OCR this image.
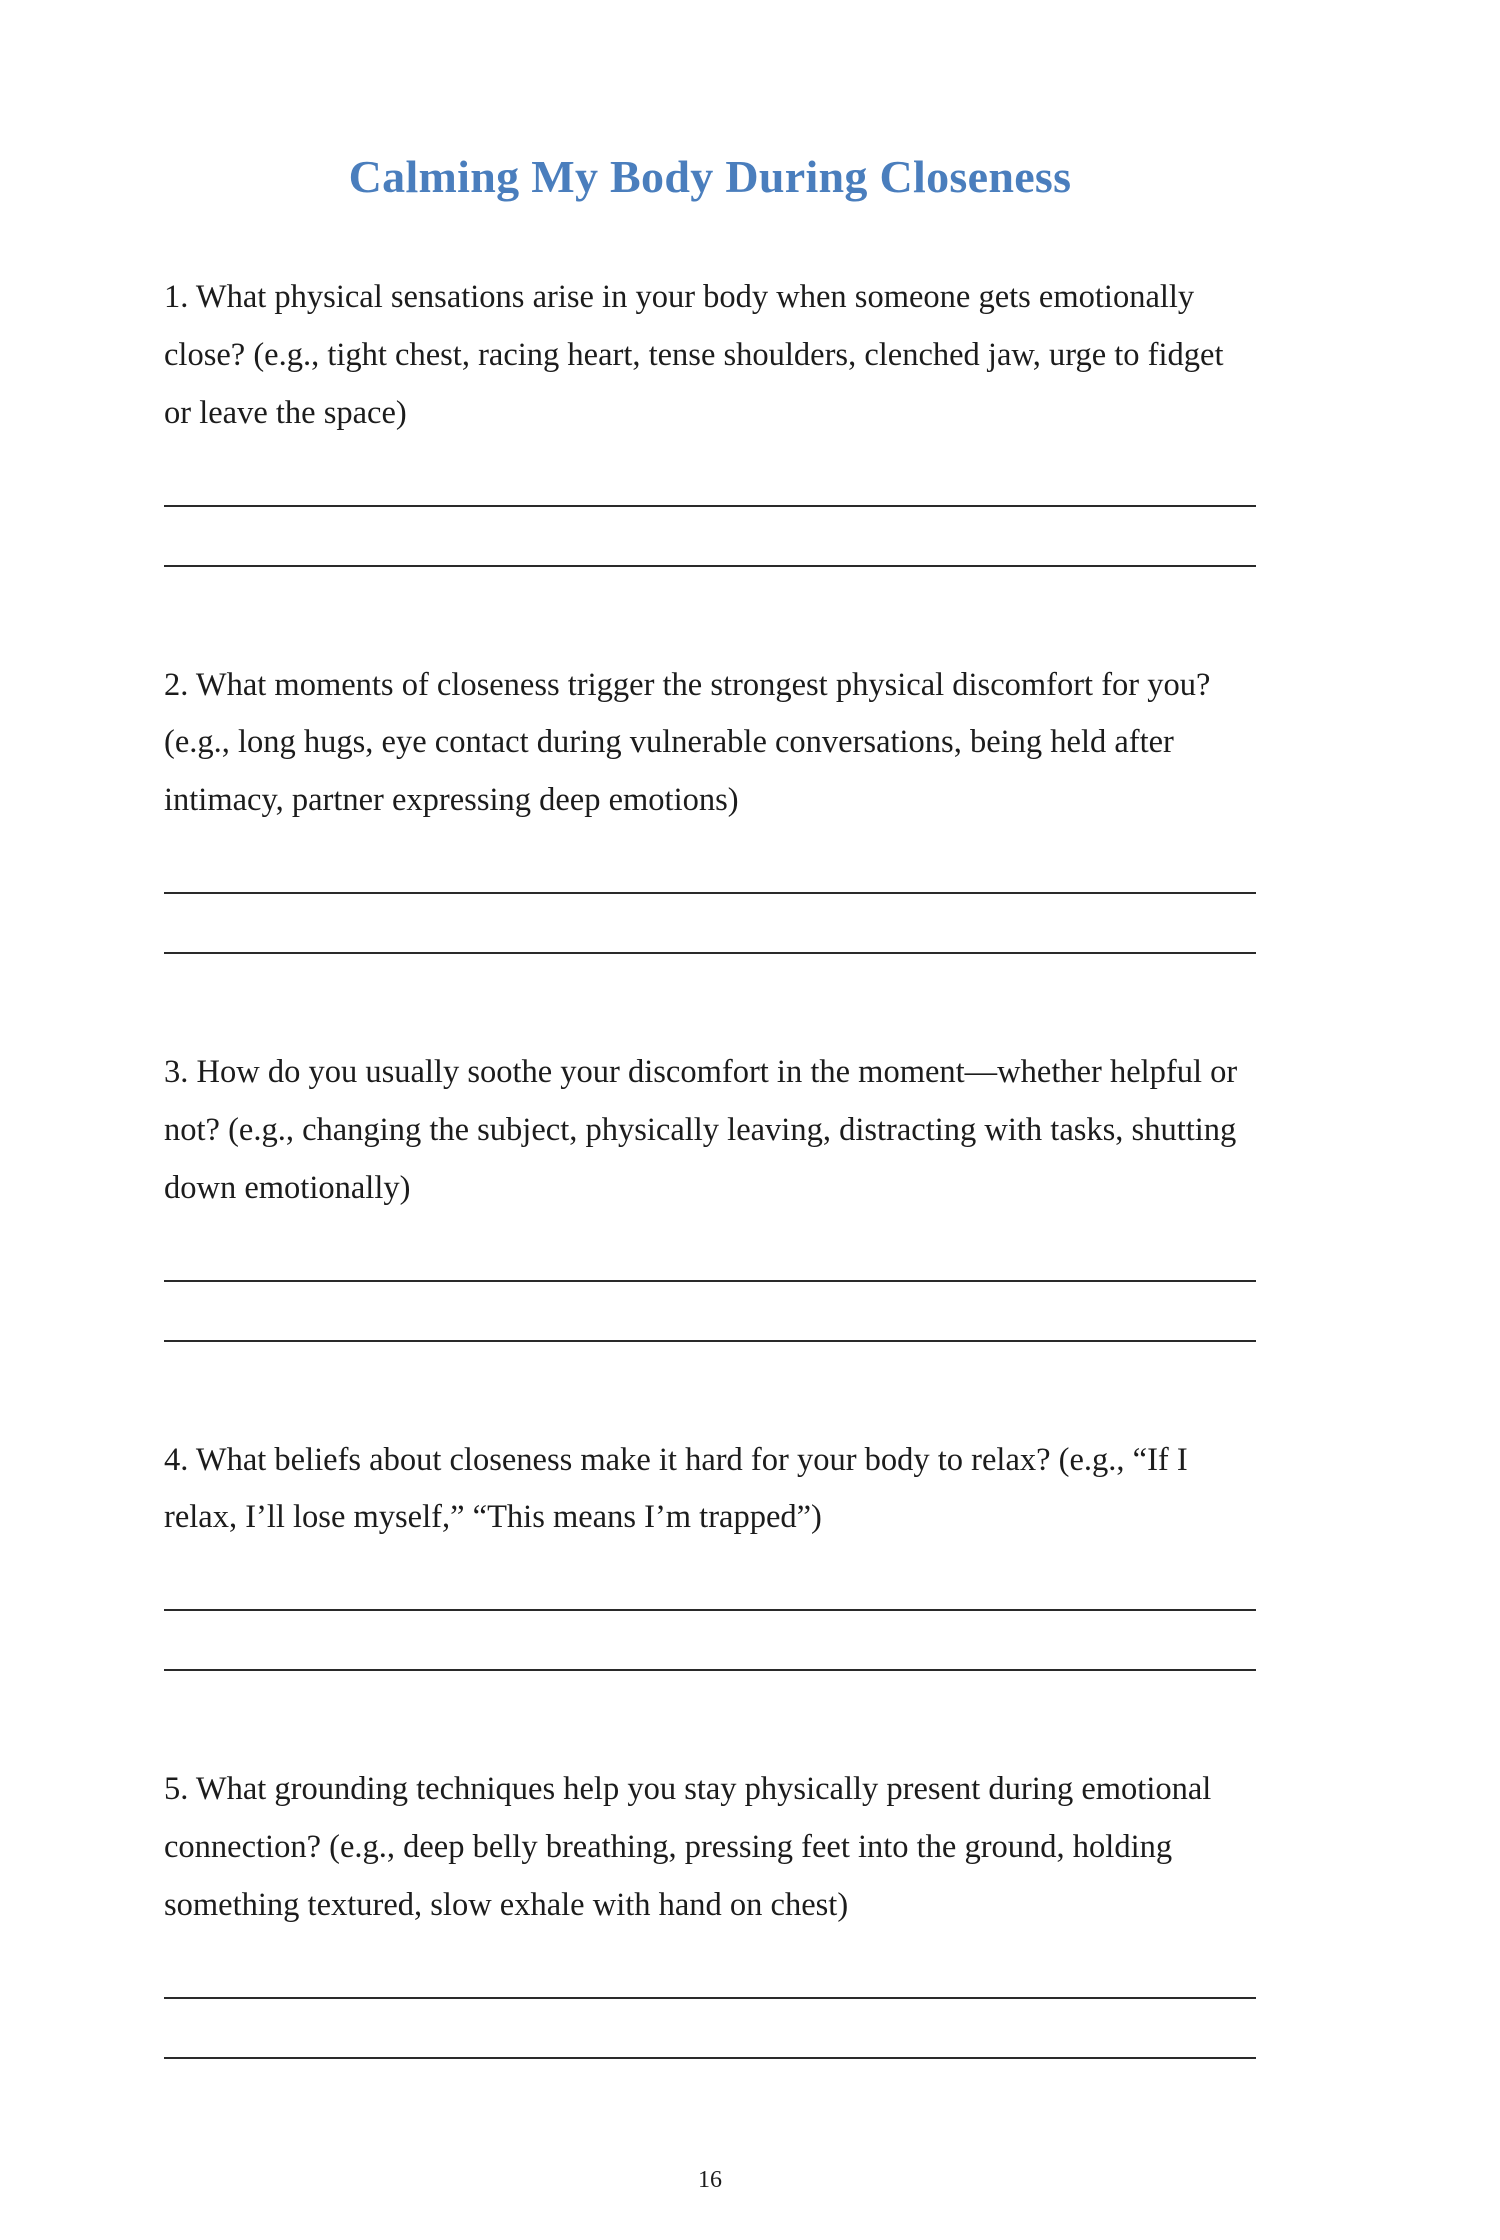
Calming My Body During Closeness

1. What physical sensations arise in your body when someone gets emotionally close? (e.g., tight chest, racing heart, tense shoulders, clenched jaw, urge to fidget or leave the space)

2. What moments of closeness trigger the strongest physical discomfort for you? (e.g., long hugs, eye contact during vulnerable conversations, being held after intimacy, partner expressing deep emotions)

3. How do you usually soothe your discomfort in the moment—whether helpful or not? (e.g., changing the subject, physically leaving, distracting with tasks, shutting down emotionally)

4. What beliefs about closeness make it hard for your body to relax? (e.g., “If I relax, I’ll lose myself,” “This means I’m trapped”)

5. What grounding techniques help you stay physically present during emotional connection? (e.g., deep belly breathing, pressing feet into the ground, holding something textured, slow exhale with hand on chest)

16
